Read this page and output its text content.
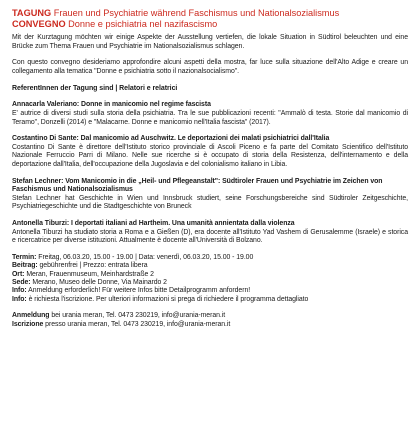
TAGUNG Frauen und Psychiatrie während Faschismus und Nationalsozialismus
CONVEGNO Donne e psichiatria nel nazifascismo

Mit der Kurztagung möchten wir einige Aspekte der Ausstellung vertiefen, die lokale Situation in Südtirol beleuchten und eine Brücke zum Thema Frauen und Psychiatrie im Nationalsozialismus schlagen.

Con questo convegno desideriamo approfondire alcuni aspetti della mostra, far luce sulla situazione dell'Alto Adige e creare un collegamento alla tematica "Donne e psichiatria sotto il nazionalsocialismo".

ReferentInnen der Tagung sind | Relatori e relatrici

Annacarla Valeriano: Donne in manicomio nel regime fascista

E' autrice di diversi studi sulla storia della psichiatria. Tra le sue pubblicazioni recenti: "Ammalò di testa. Storie dal manicomio di Teramo", Donzelli (2014) e "Malacarne. Donne e manicomio nell'Italia fascista" (2017).

Costantino Di Sante: Dal manicomio ad Auschwitz. Le deportazioni dei malati psichiatrici dall'Italia

Costantino Di Sante è direttore dell'Istituto storico provinciale di Ascoli Piceno e fa parte del Comitato Scientifico dell'Istituto Nazionale Ferruccio Parri di Milano. Nelle sue ricerche si è occupato di storia della Resistenza, dell'internamento e della deportazione dall'Italia, dell'occupazione della Jugoslavia e del colonialismo italiano in Libia.

Stefan Lechner: Vom Manicomio in die „Heil- und Pflegeanstalt": Südtiroler Frauen und Psychiatrie im Zeichen von Faschismus und Nationalsozialismus

Stefan Lechner hat Geschichte in Wien und Innsbruck studiert, seine Forschungsbereiche sind Südtiroler Zeitgeschichte, Psychiatriegeschichte und die Stadtgeschichte von Bruneck

Antonella Tiburzi: I deportati italiani ad Hartheim. Una umanità annientata dalla violenza

Antonella Tiburzi ha studiato storia a Roma e a Gießen (D), era docente all'Istituto Yad Vashem di Gerusalemme (Israele) e storica e ricercatrice per diverse istituzioni. Attualmente è docente all'Università di Bolzano.

Termin: Freitag, 06.03.20, 15.00 - 19.00 | Data: venerdì, 06.03.20, 15.00 - 19.00

Beitrag: gebührenfrei | Prezzo: entrata libera

Ort: Meran, Frauenmuseum, Meinhardstraße 2

Sede: Merano, Museo delle Donne, Via Mainardo 2

Info: Anmeldung erforderlich! Für weitere Infos bitte Detailprogramm anfordern!

Info: è richiesta l'iscrizione. Per ulteriori informazioni si prega di richiedere il programma dettagliato

Anmeldung bei urania meran, Tel. 0473 230219, info@urania-meran.it

Iscrizione presso urania meran, Tel. 0473 230219, info@urania-meran.it
